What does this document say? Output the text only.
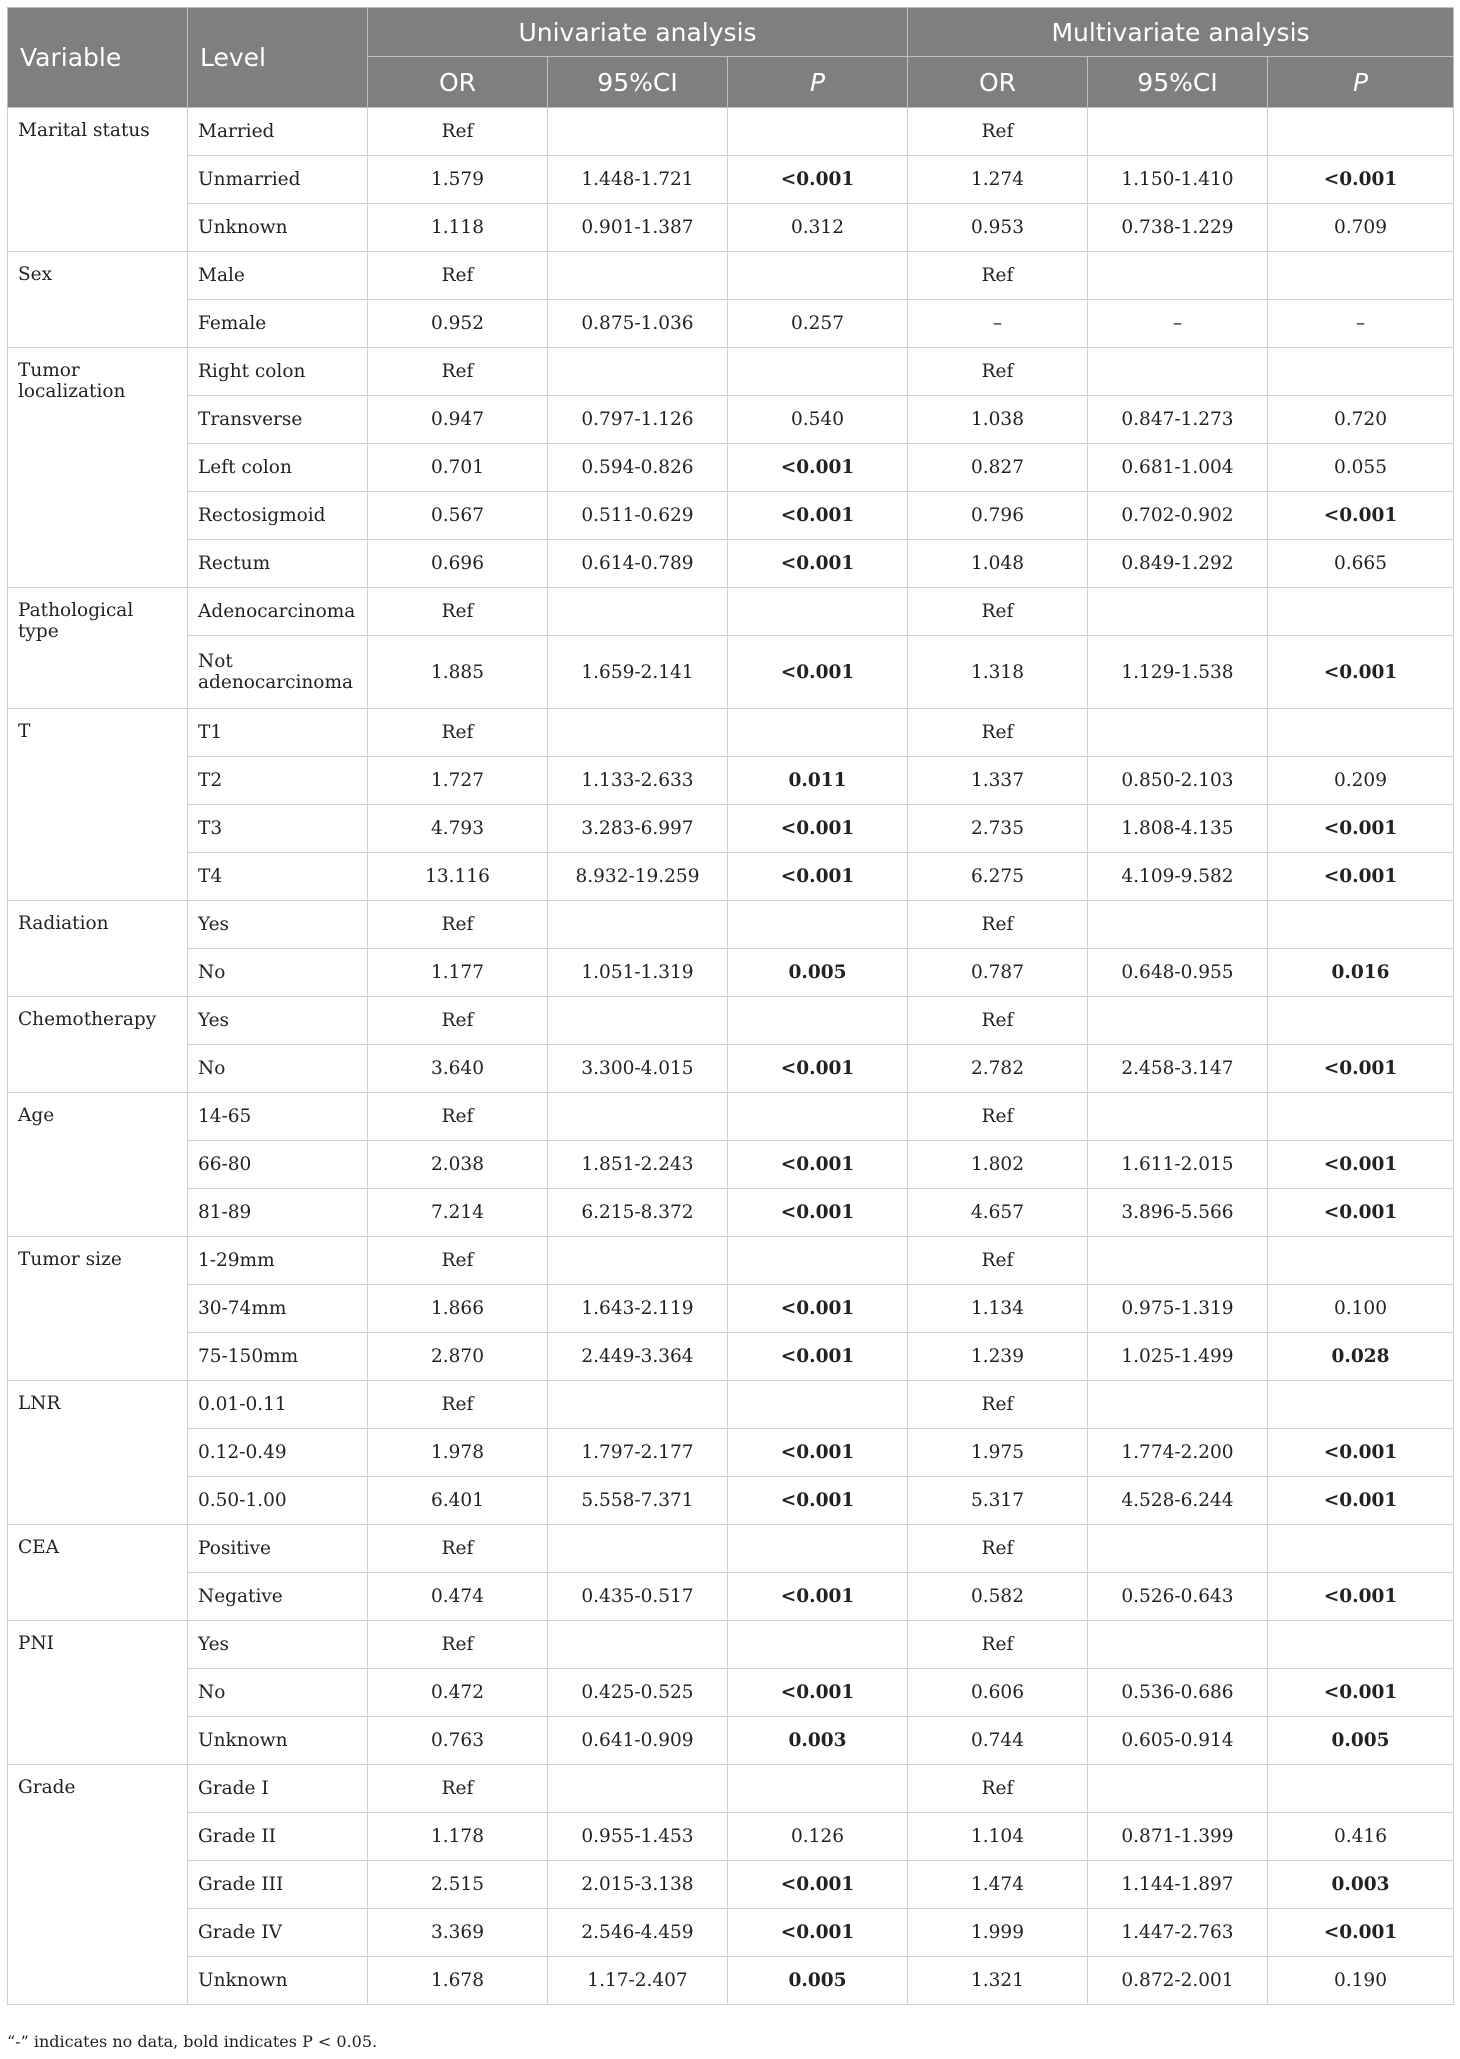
Variable	Level	Univariate analysis			Multivariate analysis		
		OR	95%CI	P	OR	95%CI	P
Marital status	Married	Ref			Ref		
	Unmarried	1.579	1.448-1.721	<0.001	1.274	1.150-1.410	<0.001
	Unknown	1.118	0.901-1.387	0.312	0.953	0.738-1.229	0.709
Sex	Male	Ref			Ref		
	Female	0.952	0.875-1.036	0.257	–	–	–
Tumor localization	Right colon	Ref			Ref		
	Transverse	0.947	0.797-1.126	0.540	1.038	0.847-1.273	0.720
	Left colon	0.701	0.594-0.826	<0.001	0.827	0.681-1.004	0.055
	Rectosigmoid	0.567	0.511-0.629	<0.001	0.796	0.702-0.902	<0.001
	Rectum	0.696	0.614-0.789	<0.001	1.048	0.849-1.292	0.665
Pathological type	Adenocarcinoma	Ref			Ref		
	Not adenocarcinoma	1.885	1.659-2.141	<0.001	1.318	1.129-1.538	<0.001
T	T1	Ref			Ref		
	T2	1.727	1.133-2.633	0.011	1.337	0.850-2.103	0.209
	T3	4.793	3.283-6.997	<0.001	2.735	1.808-4.135	<0.001
	T4	13.116	8.932-19.259	<0.001	6.275	4.109-9.582	<0.001
Radiation	Yes	Ref			Ref		
	No	1.177	1.051-1.319	0.005	0.787	0.648-0.955	0.016
Chemotherapy	Yes	Ref			Ref		
	No	3.640	3.300-4.015	<0.001	2.782	2.458-3.147	<0.001
Age	14-65	Ref			Ref		
	66-80	2.038	1.851-2.243	<0.001	1.802	1.611-2.015	<0.001
	81-89	7.214	6.215-8.372	<0.001	4.657	3.896-5.566	<0.001
Tumor size	1-29mm	Ref			Ref		
	30-74mm	1.866	1.643-2.119	<0.001	1.134	0.975-1.319	0.100
	75-150mm	2.870	2.449-3.364	<0.001	1.239	1.025-1.499	0.028
LNR	0.01-0.11	Ref			Ref		
	0.12-0.49	1.978	1.797-2.177	<0.001	1.975	1.774-2.200	<0.001
	0.50-1.00	6.401	5.558-7.371	<0.001	5.317	4.528-6.244	<0.001
CEA	Positive	Ref			Ref		
	Negative	0.474	0.435-0.517	<0.001	0.582	0.526-0.643	<0.001
PNI	Yes	Ref			Ref		
	No	0.472	0.425-0.525	<0.001	0.606	0.536-0.686	<0.001
	Unknown	0.763	0.641-0.909	0.003	0.744	0.605-0.914	0.005
Grade	Grade I	Ref			Ref		
	Grade II	1.178	0.955-1.453	0.126	1.104	0.871-1.399	0.416
	Grade III	2.515	2.015-3.138	<0.001	1.474	1.144-1.897	0.003
	Grade IV	3.369	2.546-4.459	<0.001	1.999	1.447-2.763	<0.001
	Unknown	1.678	1.17-2.407	0.005	1.321	0.872-2.001	0.190
“-” indicates no data, bold indicates P < 0.05.
